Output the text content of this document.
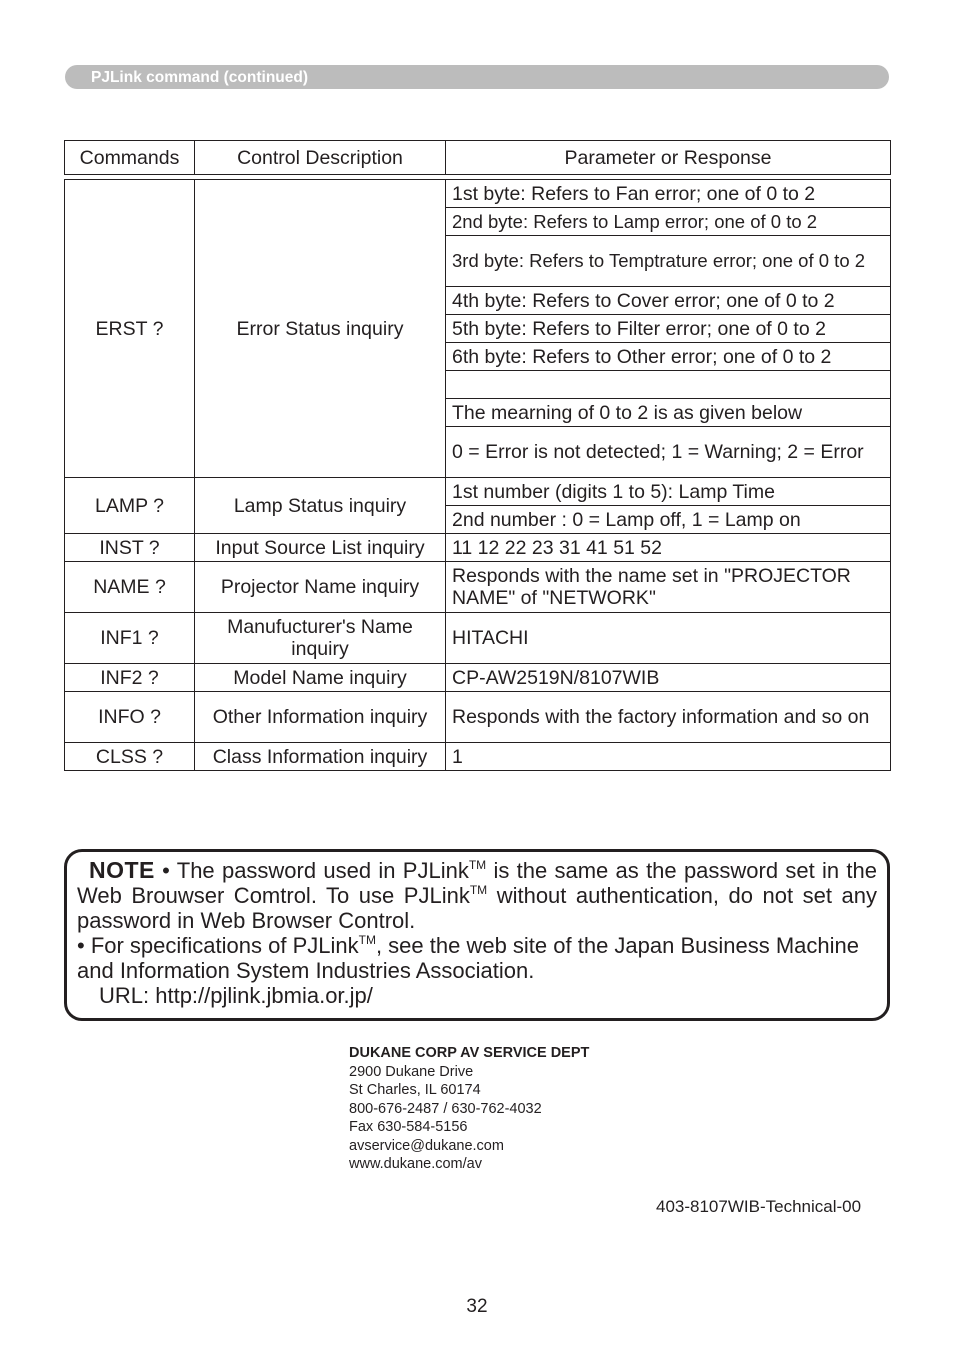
PJLink command (continued)
Commands	Control Description	Parameter or Response
ERST ?	Error Status inquiry	1st byte: Refers to Fan error; one of 0 to 2
		2nd byte: Refers to Lamp error; one of 0 to 2
		3rd byte: Refers to Temptrature error; one of 0 to 2
		4th byte: Refers to Cover error; one of 0 to 2
		5th byte: Refers to Filter error; one of 0 to 2
		6th byte: Refers to Other error; one of 0 to 2

		The mearning of 0 to 2 is as given below
		0 = Error is not detected; 1 = Warning; 2 = Error
LAMP ?	Lamp Status inquiry	1st number (digits 1 to 5): Lamp Time
		2nd number : 0 = Lamp off, 1 = Lamp on
INST ?	Input Source List inquiry	11 12 22 23 31 41 51 52
NAME ?	Projector Name inquiry	Responds with the name set in "PROJECTOR NAME" of "NETWORK"
INF1 ?	Manufucturer's Name inquiry	HITACHI
INF2 ?	Model Name inquiry	CP-AW2519N/8107WIB
INFO ?	Other Information inquiry	Responds with the factory information and so on
CLSS ?	Class Information inquiry	1

NOTE • The password used in PJLink™ is the same as the password set in the Web Brouwser Comtrol. To use PJLink™ without authentication, do not set any password in Web Browser Control.

• For specifications of PJLink™, see the web site of the Japan Business Machine and Information System Industries Association.

URL: http://pjlink.jbmia.or.jp/

DUKANE CORP AV SERVICE DEPT
2900 Dukane Drive
St Charles, IL 60174
800-676-2487 / 630-762-4032
Fax 630-584-5156
avservice@dukane.com
www.dukane.com/av
403-8107WIB-Technical-00
32
